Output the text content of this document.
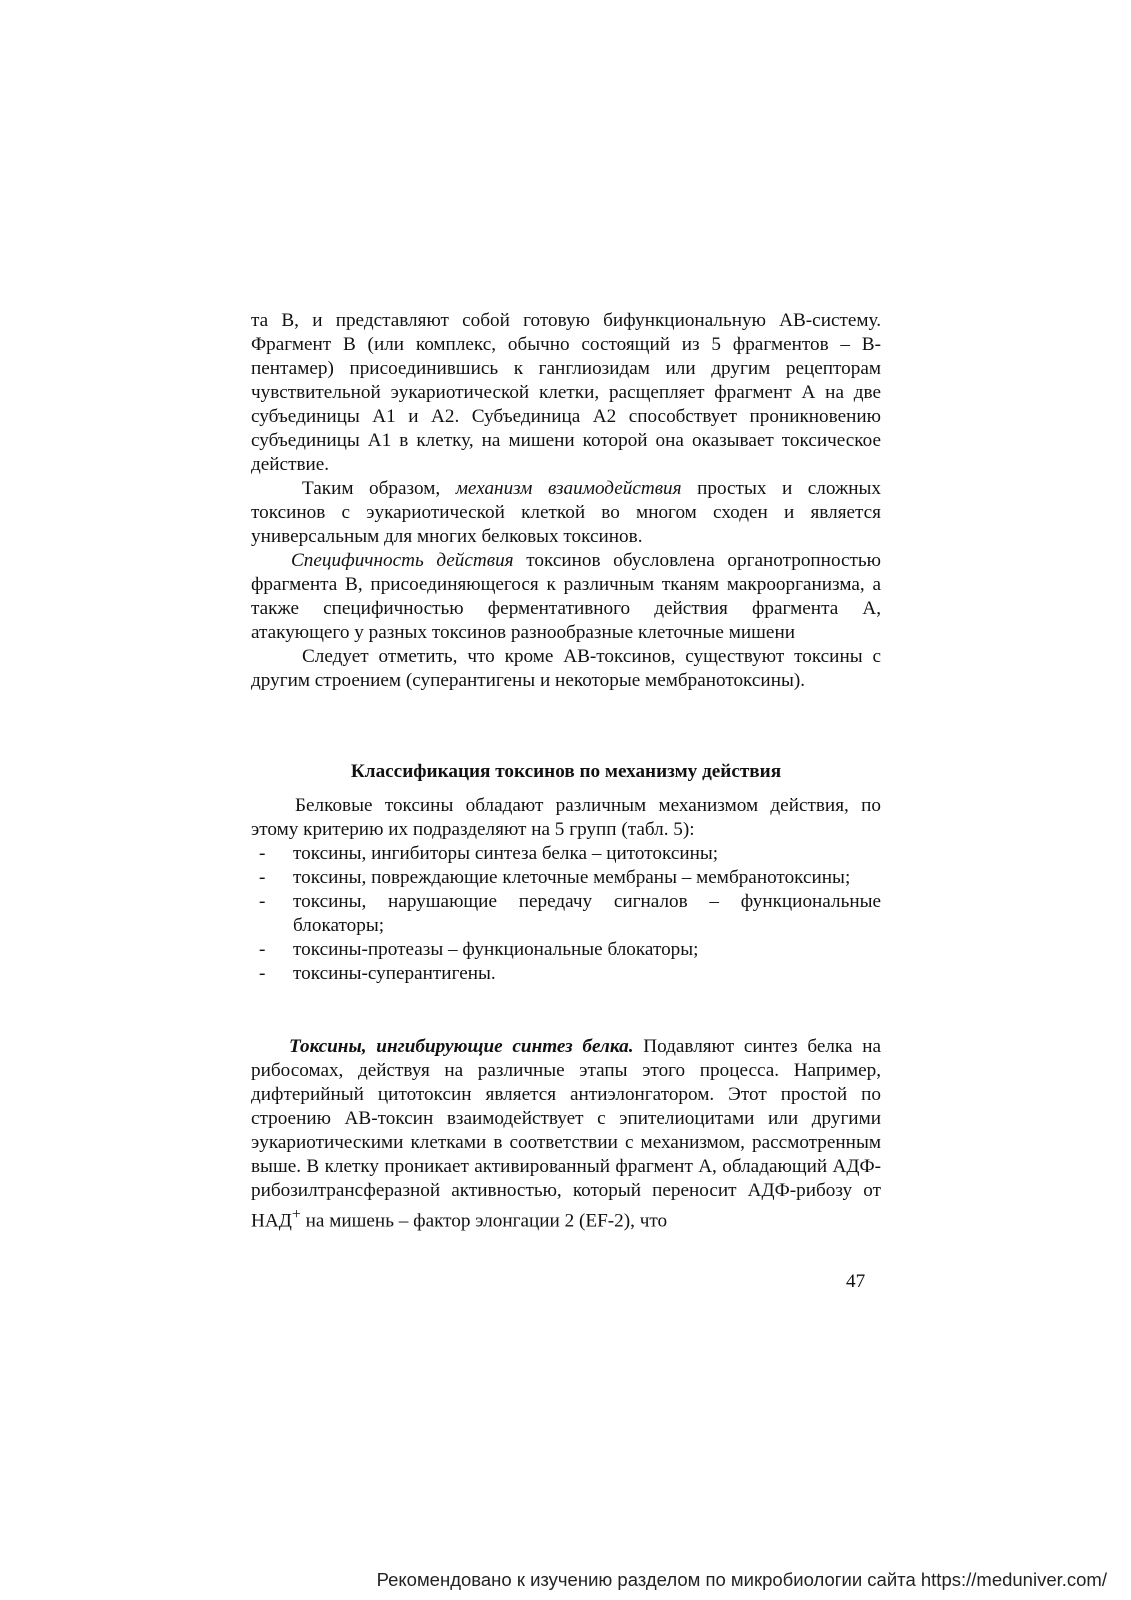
та В, и представляют собой готовую бифункциональную АВ-систему. Фрагмент В (или комплекс, обычно состоящий из 5 фрагментов – В-пентамер) присоединившись к ганглиозидам или другим рецепторам чувствительной эукариотической клетки, расщепляет фрагмент А на две субъединицы А1 и А2. Субъединица А2 способствует проникновению субъединицы А1 в клетку, на мишени которой она оказывает токсическое действие.

Таким образом, механизм взаимодействия простых и сложных токсинов с эукариотической клеткой во многом сходен и является универсальным для многих белковых токсинов.

Специфичность действия токсинов обусловлена органотропностью фрагмента В, присоединяющегося к различным тканям макроорганизма, а также специфичностью ферментативного действия фрагмента А, атакующего у разных токсинов разнообразные клеточные мишени

Следует отметить, что кроме АВ-токсинов, существуют токсины с другим строением (суперантигены и некоторые мембранотоксины).

Классификация токсинов по механизму действия

Белковые токсины обладают различным механизмом действия, по этому критерию их подразделяют на 5 групп (табл. 5):

- токсины, ингибиторы синтеза белка – цитотоксины;
- токсины, повреждающие клеточные мембраны – мембранотоксины;
- токсины, нарушающие передачу сигналов – функциональные блокаторы;
- токсины-протеазы – функциональные блокаторы;
- токсины-суперантигены.

Токсины, ингибирующие синтез белка. Подавляют синтез белка на рибосомах, действуя на различные этапы этого процесса. Например, дифтерийный цитотоксин является антиэлонгатором. Этот простой по строению АВ-токсин взаимодействует с эпителиоцитами или другими эукариотическими клетками в соответствии с механизмом, рассмотренным выше. В клетку проникает активированный фрагмент А, обладающий АДФ-рибозилтрансферазной активностью, который переносит АДФ-рибозу от НАД+ на мишень – фактор элонгации 2 (EF-2), что

47
Рекомендовано к изучению разделом по микробиологии сайта https://meduniver.com/
